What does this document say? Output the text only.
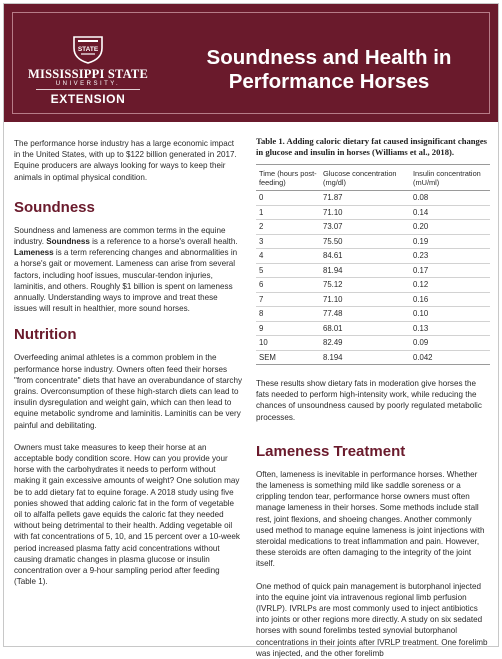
STATE
MISSISSIPPI STATE
UNIVERSITY.
EXTENSION
Soundness and Health in
Performance Horses

The performance horse industry has a large economic impact in the United States, with up to $122 billion generated in 2017. Equine producers are always looking for ways to keep their animals in optimal physical condition.

Soundness

Soundness and lameness are common terms in the equine industry. Soundness is a reference to a horse's overall health. Lameness is a term referencing changes and abnormalities in a horse's gait or movement. Lameness can arise from several factors, including hoof issues, muscular-tendon injuries, laminitis, and others. Roughly $1 billion is spent on lameness annually. Understanding ways to improve and treat these issues will result in healthier, more sound horses.

Nutrition

Overfeeding animal athletes is a common problem in the performance horse industry. Owners often feed their horses "from concentrate" diets that have an overabundance of starchy grains. Overconsumption of these high-starch diets can lead to insulin dysregulation and weight gain, which can then lead to equine metabolic syndrome and laminitis. Laminitis can be very painful and debilitating.

Owners must take measures to keep their horse at an acceptable body condition score. How can you provide your horse with the carbohydrates it needs to perform without making it gain excessive amounts of weight? One solution may be to add dietary fat to equine forage. A 2018 study using five ponies showed that adding caloric fat in the form of vegetable oil to alfalfa pellets gave equids the caloric fat they needed without being detrimental to their health. Adding vegetable oil with fat concentrations of 5, 10, and 15 percent over a 10-week period increased plasma fatty acid concentrations without causing dramatic changes in plasma glucose or insulin concentration over a 9-hour sampling period after feeding (Table 1).

Table 1. Adding caloric dietary fat caused insignificant changes in glucose and insulin in horses (Williams et al., 2018).

Time (hours post-feeding)	Glucose concentration (mg/dl)	Insulin concentration (mU/ml)
0	71.87	0.08
1	71.10	0.14
2	73.07	0.20
3	75.50	0.19
4	84.61	0.23
5	81.94	0.17
6	75.12	0.12
7	71.10	0.16
8	77.48	0.10
9	68.01	0.13
10	82.49	0.09
SEM	8.194	0.042

These results show dietary fats in moderation give horses the fats needed to perform high-intensity work, while reducing the chances of unsoundness caused by poorly regulated metabolic processes.

Lameness Treatment

Often, lameness is inevitable in performance horses. Whether the lameness is something mild like saddle soreness or a crippling tendon tear, performance horse owners must often manage lameness in their horses. Some methods include stall rest, joint flexions, and shoeing changes. Another commonly used method to manage equine lameness is joint injections with steroidal medications to treat inflammation and pain. However, these steroids are often damaging to the integrity of the joint itself.

One method of quick pain management is butorphanol injected into the equine joint via intravenous regional limb perfusion (IVRLP). IVRLPs are most commonly used to inject antibiotics into joints or other regions more directly. A study on six sedated horses with sound forelimbs tested synovial butorphanol concentrations in their joints after IVRLP treatment. One forelimb was injected, and the other forelimb
